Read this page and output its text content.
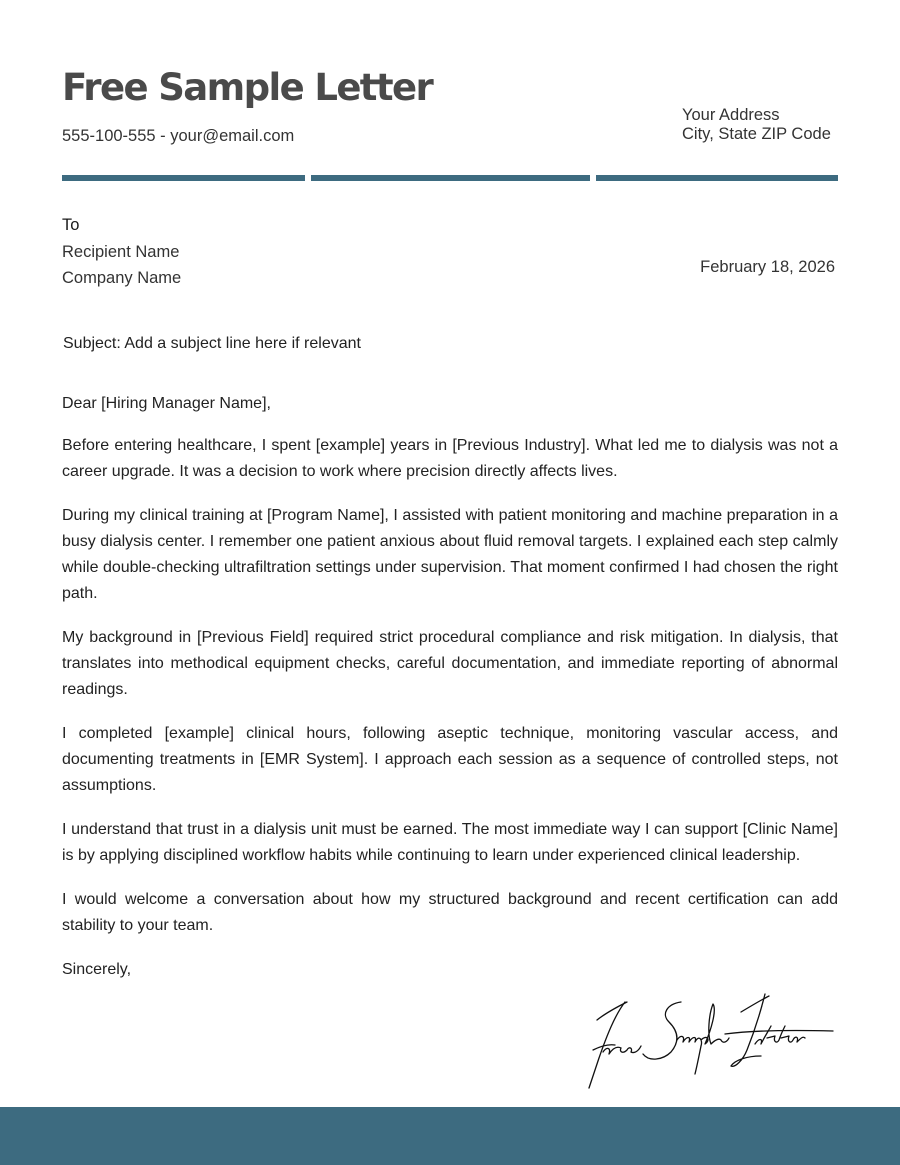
Free Sample Letter
555-100-555 - your@email.com
Your Address
City, State ZIP Code
To
Recipient Name
Company Name
February 18, 2026
Subject: Add a subject line here if relevant

Dear [Hiring Manager Name],

Before entering healthcare, I spent [example] years in [Previous Industry]. What led me to dialysis was not a career upgrade. It was a decision to work where precision directly affects lives.

During my clinical training at [Program Name], I assisted with patient monitoring and machine preparation in a busy dialysis center. I remember one patient anxious about fluid removal targets. I explained each step calmly while double-checking ultrafiltration settings under supervision. That moment confirmed I had chosen the right path.

My background in [Previous Field] required strict procedural compliance and risk mitigation. In dialysis, that translates into methodical equipment checks, careful documentation, and immediate reporting of abnormal readings.

I completed [example] clinical hours, following aseptic technique, monitoring vascular access, and documenting treatments in [EMR System]. I approach each session as a sequence of controlled steps, not assumptions.

I understand that trust in a dialysis unit must be earned. The most immediate way I can support [Clinic Name] is by applying disciplined workflow habits while continuing to learn under experienced clinical leadership.

I would welcome a conversation about how my structured background and recent certification can add stability to your team.

Sincerely,
